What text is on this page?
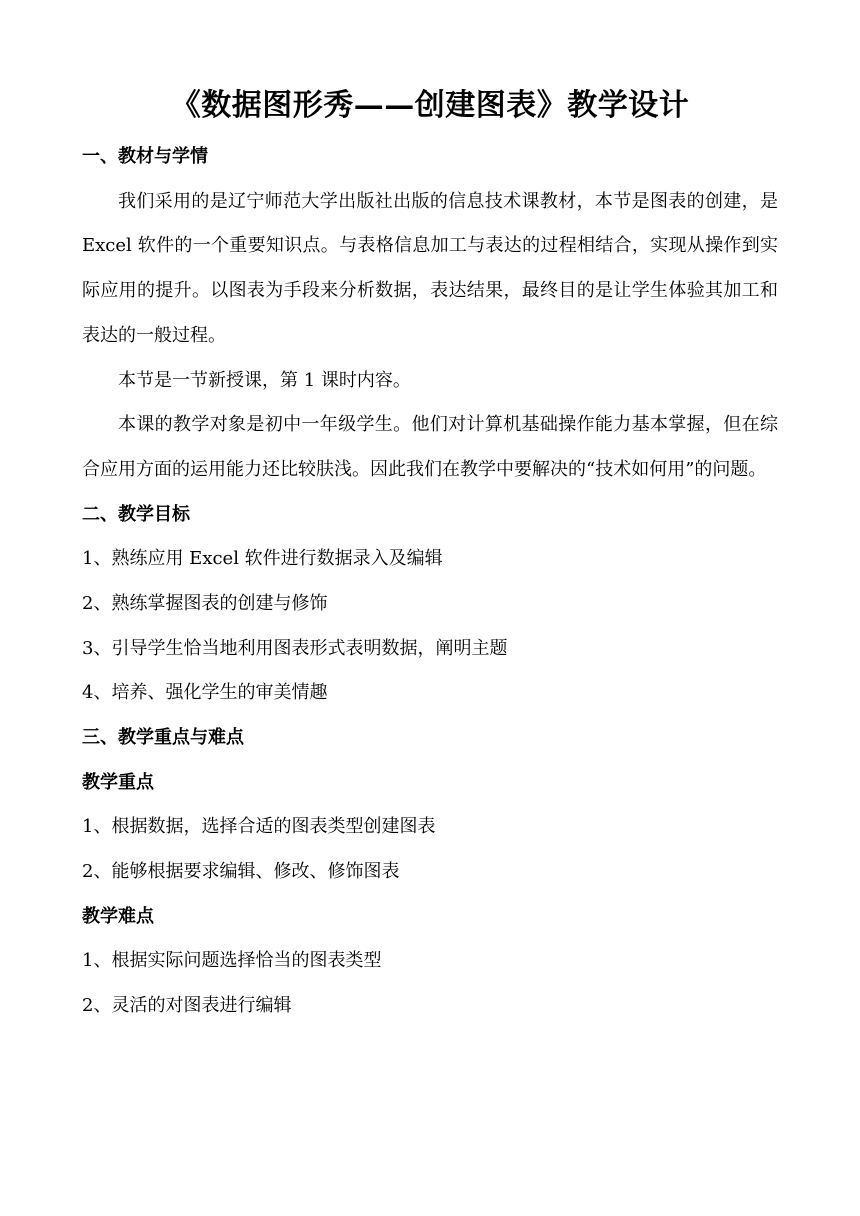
《数据图形秀——创建图表》教学设计
一、教材与学情

我们采用的是辽宁师范大学出版社出版的信息技术课教材，本节是图表的创建，是 Excel 软件的一个重要知识点。与表格信息加工与表达的过程相结合，实现从操作到实际应用的提升。以图表为手段来分析数据，表达结果，最终目的是让学生体验其加工和表达的一般过程。

本节是一节新授课，第 1 课时内容。

本课的教学对象是初中一年级学生。他们对计算机基础操作能力基本掌握，但在综合应用方面的运用能力还比较肤浅。因此我们在教学中要解决的“技术如何用”的问题。

二、教学目标
1、熟练应用 Excel 软件进行数据录入及编辑
2、熟练掌握图表的创建与修饰
3、引导学生恰当地利用图表形式表明数据，阐明主题
4、培养、强化学生的审美情趣
三、教学重点与难点
教学重点
1、根据数据，选择合适的图表类型创建图表
2、能够根据要求编辑、修改、修饰图表
教学难点
1、根据实际问题选择恰当的图表类型
2、灵活的对图表进行编辑
